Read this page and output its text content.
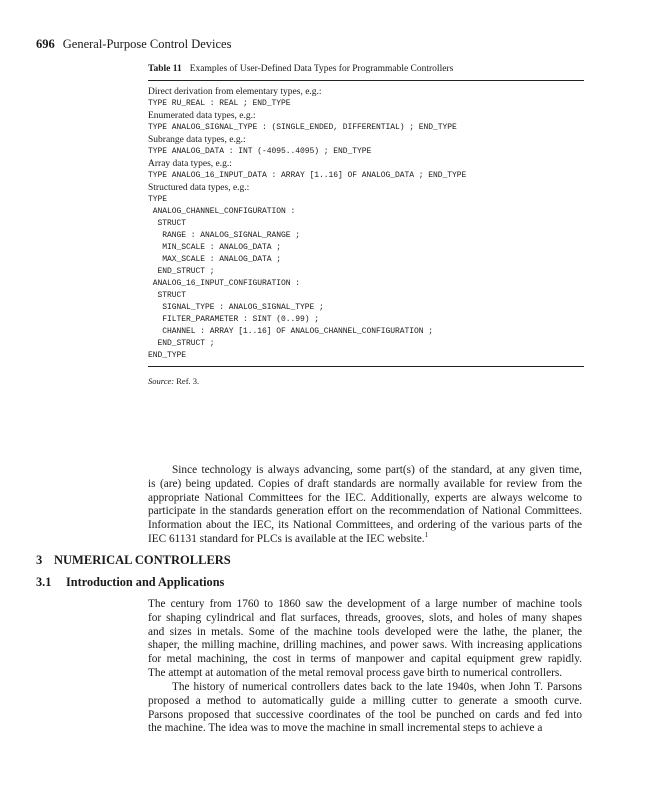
696 General-Purpose Control Devices
Table 11 Examples of User-Defined Data Types for Programmable Controllers
Direct derivation from elementary types, e.g.:
TYPE RU_REAL : REAL ; END_TYPE
Enumerated data types, e.g.:
TYPE ANALOG_SIGNAL_TYPE : (SINGLE_ENDED, DIFFERENTIAL) ; END_TYPE
Subrange data types, e.g.:
TYPE ANALOG_DATA : INT (-4095..4095) ; END_TYPE
Array data types, e.g.:
TYPE ANALOG_16_INPUT_DATA : ARRAY [1..16] OF ANALOG_DATA ; END_TYPE
Structured data types, e.g.:
TYPE
ANALOG_CHANNEL_CONFIGURATION :
STRUCT
RANGE : ANALOG_SIGNAL_RANGE ;
MIN_SCALE : ANALOG_DATA ;
MAX_SCALE : ANALOG_DATA ;
END_STRUCT ;
ANALOG_16_INPUT_CONFIGURATION :
STRUCT
SIGNAL_TYPE : ANALOG_SIGNAL_TYPE ;
FILTER_PARAMETER : SINT (0..99) ;
CHANNEL : ARRAY [1..16] OF ANALOG_CHANNEL_CONFIGURATION ;
END_STRUCT ;
END_TYPE
Source: Ref. 3.
Since technology is always advancing, some part(s) of the standard, at any given time,
is (are) being updated. Copies of draft standards are normally available for review from the
appropriate National Committees for the IEC. Additionally, experts are always welcome to
participate in the standards generation effort on the recommendation of National Committees.
Information about the IEC, its National Committees, and ordering of the various parts of the
IEC 61131 standard for PLCs is available at the IEC website.$^1$
3 NUMERICAL CONTROLLERS
3.1 Introduction and Applications
The century from 1760 to 1860 saw the development of a large number of machine tools
for shaping cylindrical and flat surfaces, threads, grooves, slots, and holes of many shapes
and sizes in metals. Some of the machine tools developed were the lathe, the planer, the
shaper, the milling machine, drilling machines, and power saws. With increasing applications
for metal machining, the cost in terms of manpower and capital equipment grew rapidly.
The attempt at automation of the metal removal process gave birth to numerical controllers.
The history of numerical controllers dates back to the late 1940s, when John T. Parsons
proposed a method to automatically guide a milling cutter to generate a smooth curve.
Parsons proposed that successive coordinates of the tool be punched on cards and fed into
the machine. The idea was to move the machine in small incremental steps to achieve a
